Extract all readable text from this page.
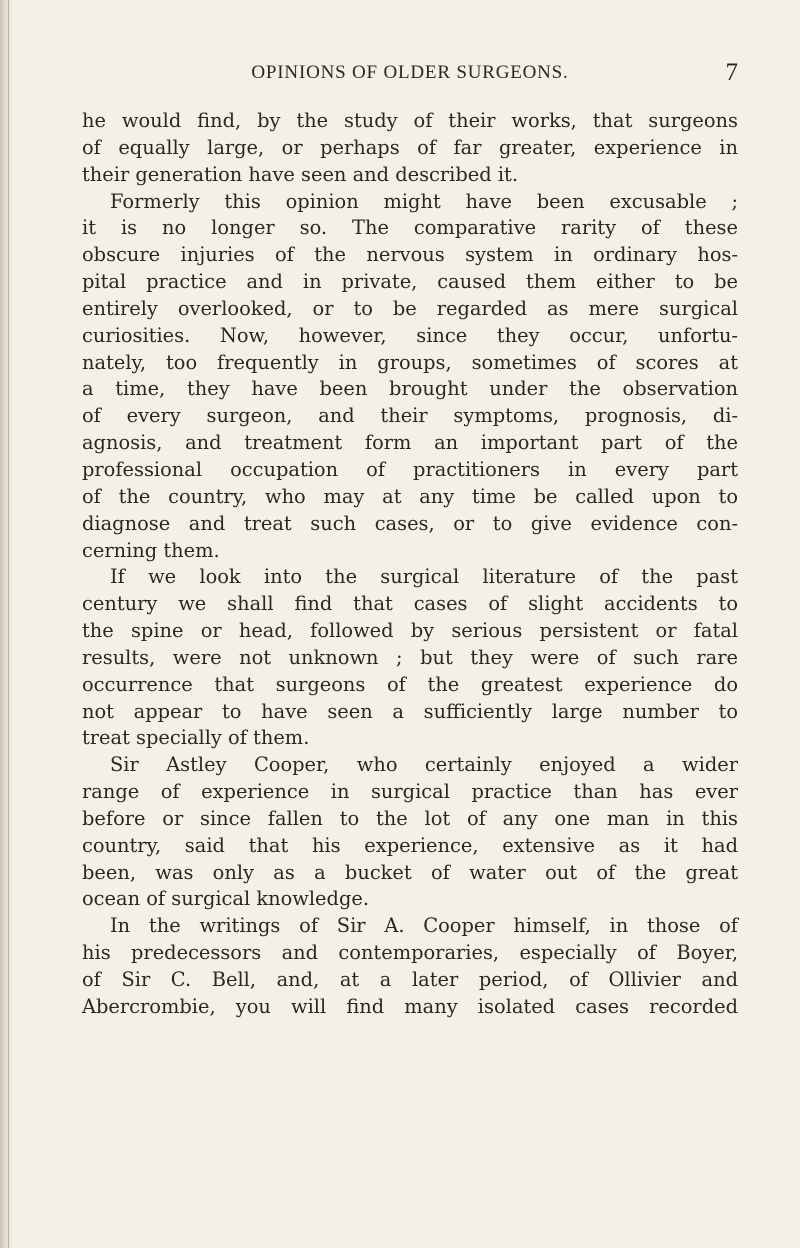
OPINIONS OF OLDER SURGEONS.	7
he would find, by the study of their works, that surgeons
of equally large, or perhaps of far greater, experience in
their generation have seen and described it.
Formerly this opinion might have been excusable ;
it is no longer so. The comparative rarity of these
obscure injuries of the nervous system in ordinary hos-
pital practice and in private, caused them either to be
entirely overlooked, or to be regarded as mere surgical
curiosities. Now, however, since they occur, unfortu-
nately, too frequently in groups, sometimes of scores at
a time, they have been brought under the observation
of every surgeon, and their symptoms, prognosis, di-
agnosis, and treatment form an important part of the
professional occupation of practitioners in every part
of the country, who may at any time be called upon to
diagnose and treat such cases, or to give evidence con-
cerning them.
If we look into the surgical literature of the past
century we shall find that cases of slight accidents to
the spine or head, followed by serious persistent or fatal
results, were not unknown ; but they were of such rare
occurrence that surgeons of the greatest experience do
not appear to have seen a sufficiently large number to
treat specially of them.
Sir Astley Cooper, who certainly enjoyed a wider
range of experience in surgical practice than has ever
before or since fallen to the lot of any one man in this
country, said that his experience, extensive as it had
been, was only as a bucket of water out of the great
ocean of surgical knowledge.
In the writings of Sir A. Cooper himself, in those of
his predecessors and contemporaries, especially of Boyer,
of Sir C. Bell, and, at a later period, of Ollivier and
Abercrombie, you will find many isolated cases recorded
